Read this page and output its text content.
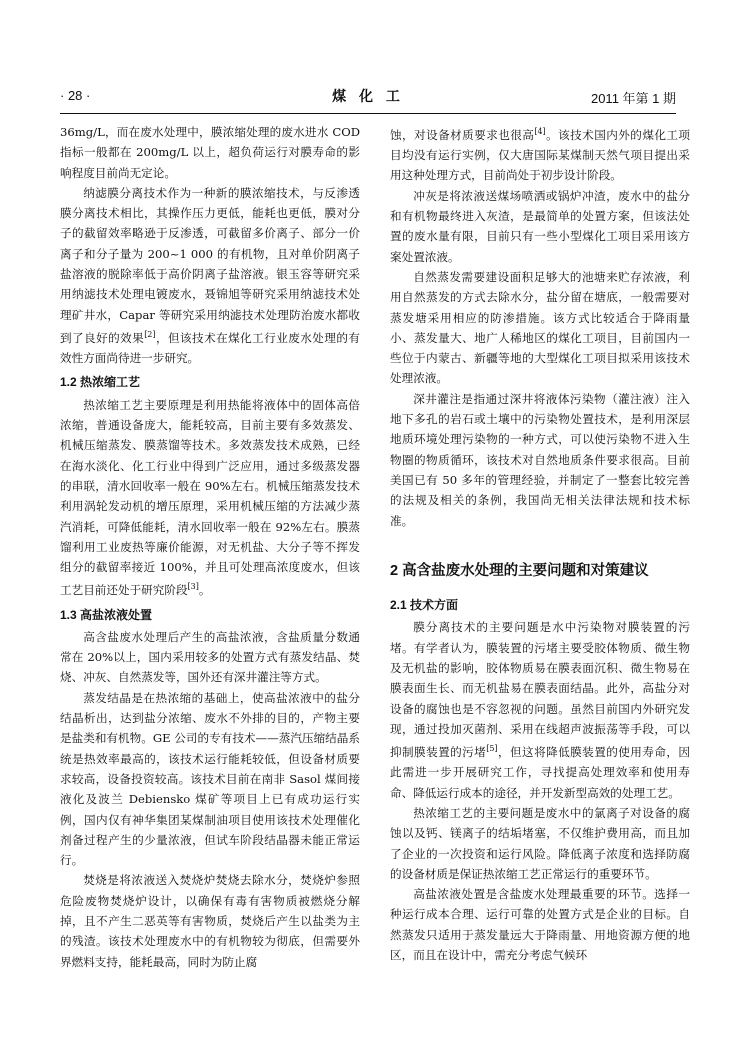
· 28 ·	煤 化 工	2011 年第 1 期

36mg/L，而在废水处理中，膜浓缩处理的废水进水 COD 指标一般都在 200mg/L 以上，超负荷运行对膜寿命的影响程度目前尚无定论。

纳滤膜分离技术作为一种新的膜浓缩技术，与反渗透膜分离技术相比，其操作压力更低，能耗也更低，膜对分子的截留效率略逊于反渗透，可截留多价离子、部分一价离子和分子量为 200~1 000 的有机物，且对单价阴离子盐溶液的脱除率低于高价阴离子盐溶液。银玉容等研究采用纳滤技术处理电镀废水，聂锦旭等研究采用纳滤技术处理矿井水，Capar 等研究采用纳滤技术处理防治废水都收到了良好的效果[2]，但该技术在煤化工行业废水处理的有效性方面尚待进一步研究。

1.2 热浓缩工艺

热浓缩工艺主要原理是利用热能将液体中的固体高倍浓缩，普通设备庞大，能耗较高，目前主要有多效蒸发、机械压缩蒸发、膜蒸馏等技术。多效蒸发技术成熟，已经在海水淡化、化工行业中得到广泛应用，通过多级蒸发器的串联，清水回收率一般在 90%左右。机械压缩蒸发技术利用涡轮发动机的增压原理，采用机械压缩的方法减少蒸汽消耗，可降低能耗，清水回收率一般在 92%左右。膜蒸馏利用工业废热等廉价能源，对无机盐、大分子等不挥发组分的截留率接近 100%，并且可处理高浓度废水，但该工艺目前还处于研究阶段[3]。

1.3 高盐浓液处置

高含盐废水处理后产生的高盐浓液，含盐质量分数通常在 20%以上，国内采用较多的处置方式有蒸发结晶、焚烧、冲灰、自然蒸发等，国外还有深井灌注等方式。

蒸发结晶是在热浓缩的基础上，使高盐浓液中的盐分结晶析出，达到盐分浓缩、废水不外排的目的，产物主要是盐类和有机物。GE 公司的专有技术——蒸汽压缩结晶系统是热效率最高的，该技术运行能耗较低，但设备材质要求较高，设备投资较高。该技术目前在南非 Sasol 煤间接液化及波兰 Debiensko 煤矿等项目上已有成功运行实例，国内仅有神华集团某煤制油项目使用该技术处理催化剂备过程产生的少量浓液，但试车阶段结晶器未能正常运行。

焚烧是将浓液送入焚烧炉焚烧去除水分，焚烧炉参照危险废物焚烧炉设计，以确保有毒有害物质被燃烧分解掉，且不产生二恶英等有害物质，焚烧后产生以盐类为主的残渣。该技术处理废水中的有机物较为彻底，但需要外界燃料支持，能耗最高，同时为防止腐

蚀，对设备材质要求也很高[4]。该技术国内外的煤化工项目均没有运行实例，仅大唐国际某煤制天然气项目提出采用这种处理方式，目前尚处于初步设计阶段。

冲灰是将浓液送煤场喷洒或锅炉冲渣，废水中的盐分和有机物最终进入灰渣，是最简单的处置方案，但该法处置的废水量有限，目前只有一些小型煤化工项目采用该方案处置浓液。

自然蒸发需要建设面积足够大的池塘来贮存浓液，利用自然蒸发的方式去除水分，盐分留在塘底，一般需要对蒸发塘采用相应的防渗措施。该方式比较适合于降雨量小、蒸发量大、地广人稀地区的煤化工项目，目前国内一些位于内蒙古、新疆等地的大型煤化工项目拟采用该技术处理浓液。

深井灌注是指通过深井将液体污染物（灌注液）注入地下多孔的岩石或土壤中的污染物处置技术，是利用深层地质环境处理污染物的一种方式，可以使污染物不进入生物圈的物质循环，该技术对自然地质条件要求很高。目前美国已有 50 多年的管理经验，并制定了一整套比较完善的法规及相关的条例，我国尚无相关法律法规和技术标准。

2 高含盐废水处理的主要问题和对策建议
2.1 技术方面

膜分离技术的主要问题是水中污染物对膜装置的污堵。有学者认为，膜装置的污堵主要受胶体物质、微生物及无机盐的影响，胶体物质易在膜表面沉积、微生物易在膜表面生长、而无机盐易在膜表面结晶。此外，高盐分对设备的腐蚀也是不容忽视的问题。虽然目前国内外研究发现，通过投加灭菌剂、采用在线超声波振荡等手段，可以抑制膜装置的污堵[5]，但这将降低膜装置的使用寿命，因此需进一步开展研究工作，寻找提高处理效率和使用寿命、降低运行成本的途径，并开发新型高效的处理工艺。

热浓缩工艺的主要问题是废水中的氯离子对设备的腐蚀以及钙、镁离子的结垢堵塞，不仅维护费用高，而且加了企业的一次投资和运行风险。降低离子浓度和选择防腐的设备材质是保证热浓缩工艺正常运行的重要环节。

高盐浓液处置是含盐废水处理最重要的环节。选择一种运行成本合理、运行可靠的处置方式是企业的目标。自然蒸发只适用于蒸发量远大于降雨量、用地资源方便的地区，而且在设计中，需充分考虑气候环
